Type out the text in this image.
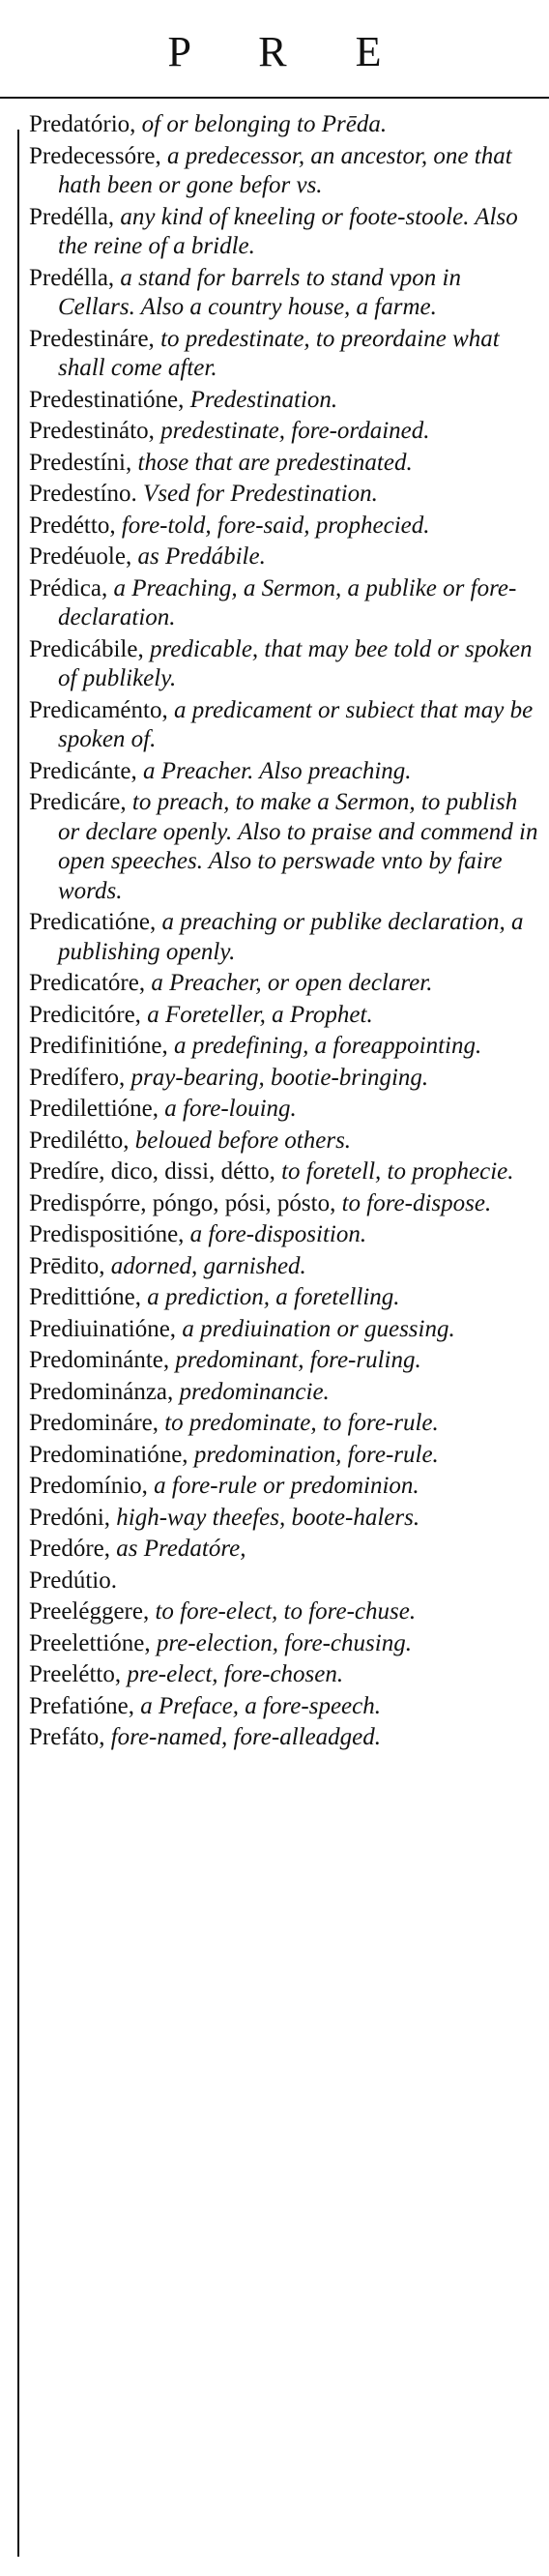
P R E

Predatório, of or belonging to Prēda.

Predecessóre, a predecessor, an ancestor, one that hath been or gone befor vs.

Predélla, any kind of kneeling or foote-stoole. Also the reine of a bridle.

Predélla, a stand for barrels to stand vpon in Cellars. Also a country house, a farme.

Predestináre, to predestinate, to preordaine what shall come after.

Predestinatióne, Predestination.

Predestináto, predestinate, fore-ordained.

Predestíni, those that are predestinated.

Predestíno. Vsed for Predestination.

Predétto, fore-told, fore-said, prophecied.

Predéuole, as Predábile.

Prédica, a Preaching, a Sermon, a publike or fore-declaration.

Predicábile, predicable, that may bee told or spoken of publikely.

Predicaménto, a predicament or subiect that may be spoken of.

Predicánte, a Preacher. Also preaching.

Predicáre, to preach, to make a Sermon, to publish or declare openly. Also to praise and commend in open speeches. Also to perswade vnto by faire words.

Predicatióne, a preaching or publike declaration, a publishing openly.

Predicatóre, a Preacher, or open declarer.

Predicitóre, a Foreteller, a Prophet.

Predifinitióne, a predefining, a foreappointing.

Predífero, pray-bearing, bootie-bringing.

Predilettióne, a fore-louing.

Predilétto, beloued before others.

Predíre, dico, dissi, détto, to foretell, to prophecie.

Predispórre, póngo, pósi, pósto, to fore-dispose.

Predispositióne, a fore-disposition.

Prēdito, adorned, garnished.

Predittióne, a prediction, a foretelling.

Prediuinatióne, a prediuination or guessing.

Predominánte, predominant, fore-ruling.

Predominánza, predominancie.

Predomináre, to predominate, to fore-rule.

Predominatióne, predomination, fore-rule.

Predomínio, a fore-rule or predominion.

Predóni, high-way theefes, boote-halers.

Predóre, as Predatóre,

Predútio.

Preeléggere, to fore-elect, to fore-chuse.

Preelettióne, pre-election, fore-chusing.

Preelétto, pre-elect, fore-chosen.

Prefatióne, a Preface, a fore-speech.

Prefáto, fore-named, fore-alleadged.
